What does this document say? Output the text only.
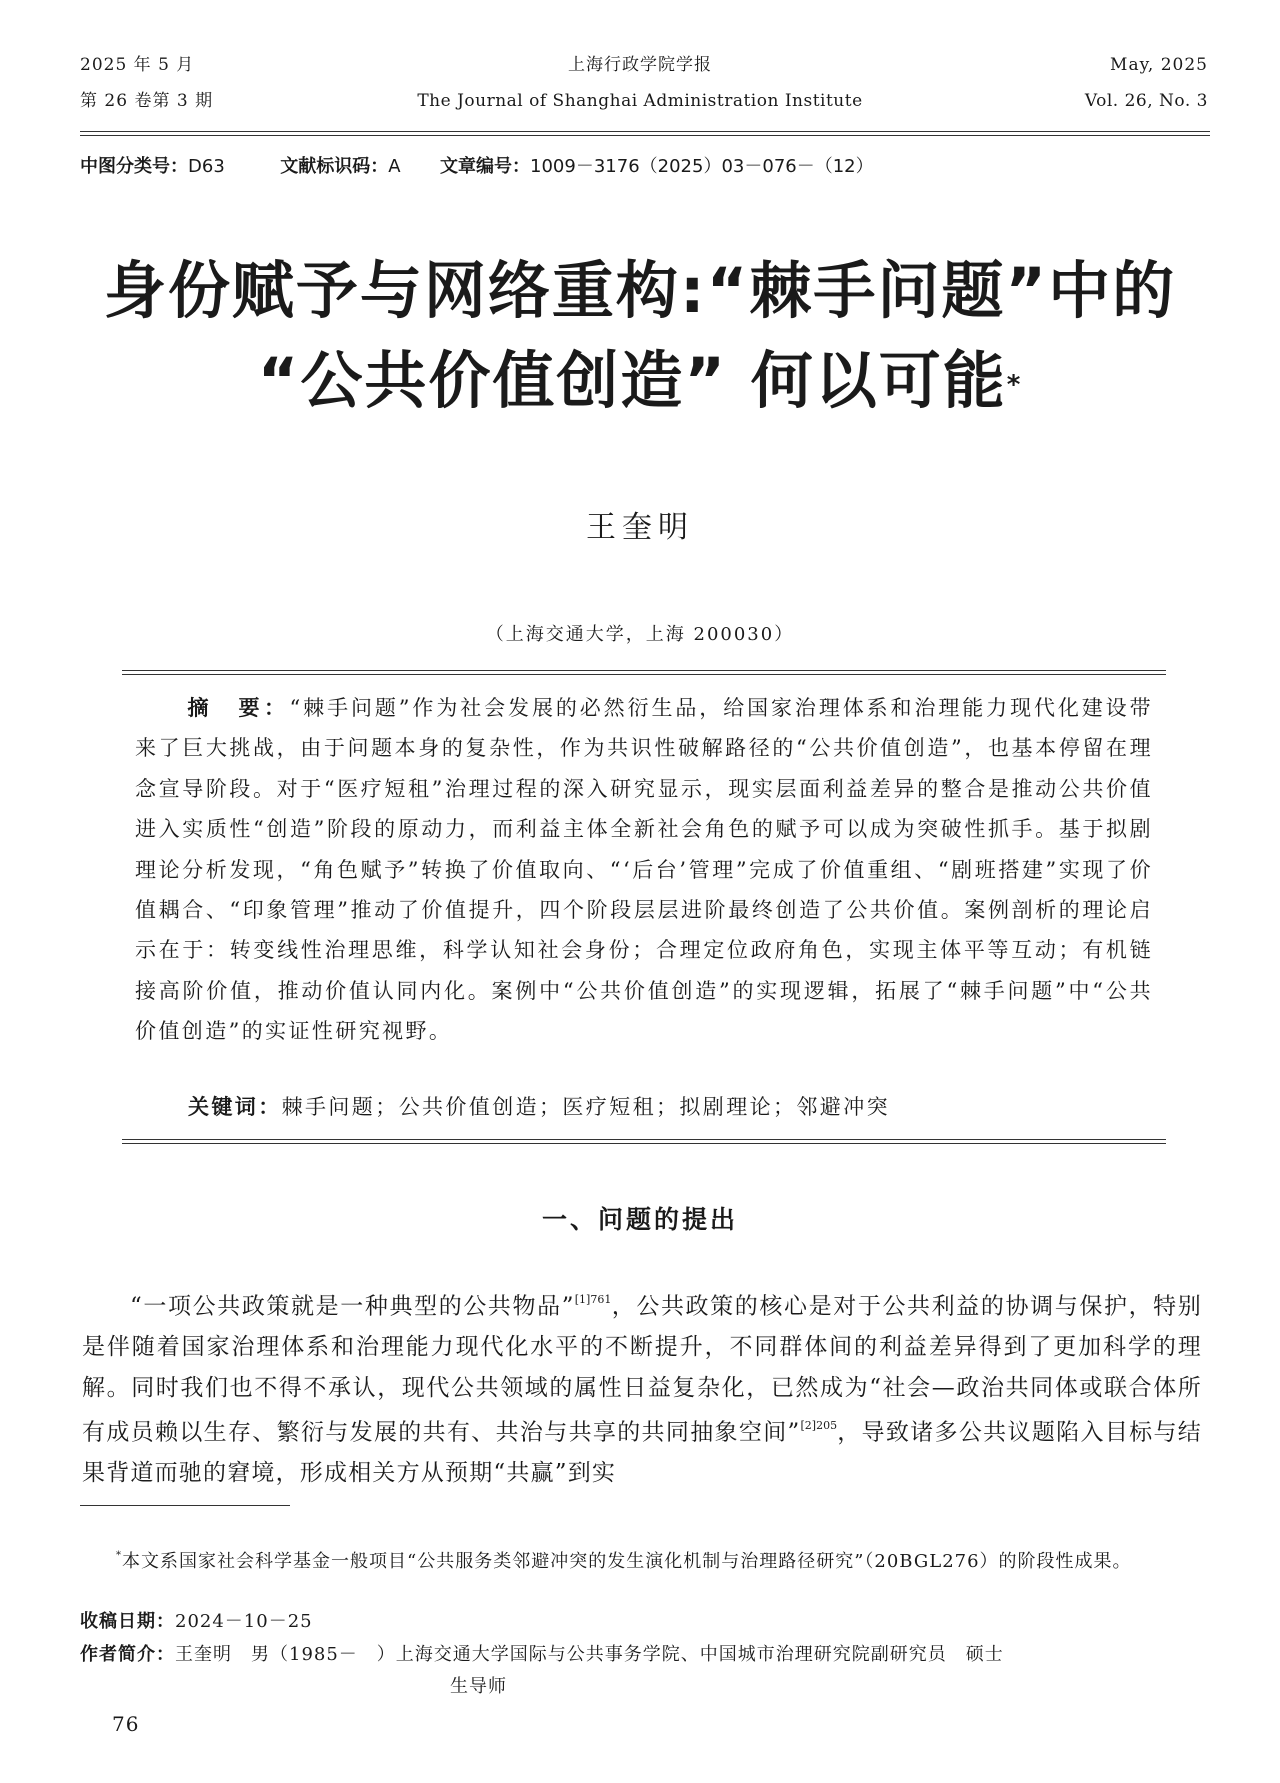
2025 年 5 月
第 26 卷第 3 期
上海行政学院学报
The Journal of Shanghai Administration Institute
May, 2025
Vol. 26, No. 3
中图分类号：D63	文献标识码：A 文章编号：1009－3176（2025）03－076－（12）
身份赋予与网络重构:“棘手问题”中的
“公共价值创造” 何以可能*
王奎明
（上海交通大学，上海 200030）
摘　要：“棘手问题”作为社会发展的必然衍生品，给国家治理体系和治理能力现代化建设带来了巨大挑战，由于问题本身的复杂性，作为共识性破解路径的“公共价值创造”，也基本停留在理念宣导阶段。对于“医疗短租”治理过程的深入研究显示，现实层面利益差异的整合是推动公共价值进入实质性“创造”阶段的原动力，而利益主体全新社会角色的赋予可以成为突破性抓手。基于拟剧理论分析发现，“角色赋予”转换了价值取向、“‘后台’管理”完成了价值重组、“剧班搭建”实现了价值耦合、“印象管理”推动了价值提升，四个阶段层层进阶最终创造了公共价值。案例剖析的理论启示在于：转变线性治理思维，科学认知社会身份；合理定位政府角色，实现主体平等互动；有机链接高阶价值，推动价值认同内化。案例中“公共价值创造”的实现逻辑，拓展了“棘手问题”中“公共价值创造”的实证性研究视野。
关键词：棘手问题；公共价值创造；医疗短租；拟剧理论；邻避冲突
一、问题的提出
“一项公共政策就是一种典型的公共物品”$^{[1]761}$，公共政策的核心是对于公共利益的协调与保护，特别是伴随着国家治理体系和治理能力现代化水平的不断提升，不同群体间的利益差异得到了更加科学的理解。同时我们也不得不承认，现代公共领域的属性日益复杂化，已然成为“社会—政治共同体或联合体所有成员赖以生存、繁衍与发展的共有、共治与共享的共同抽象空间”$^{[2]205}$，导致诸多公共议题陷入目标与结果背道而驰的窘境，形成相关方从预期“共赢”到实
*本文系国家社会科学基金一般项目“公共服务类邻避冲突的发生演化机制与治理路径研究”（20BGL276）的阶段性成果。
收稿日期：2024－10－25
作者简介：王奎明　男（1985－　）上海交通大学国际与公共事务学院、中国城市治理研究院副研究员　硕士
生导师
76
